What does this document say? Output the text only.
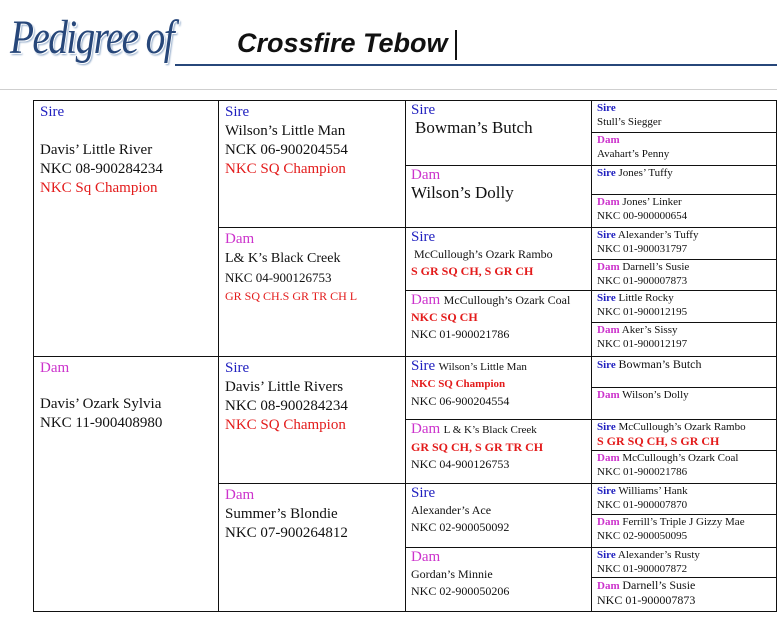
Pedigree of Crossfire Tebow
Sire
Davis’ Little River
NKC 08-900284234
NKC Sq Champion
Dam
Davis’ Ozark Sylvia
NKC 11-900408980
Sire
Wilson’s Little Man
NCK 06-900204554
NKC SQ Champion
Dam
L& K’s Black Creek
NKC 04-900126753
GR SQ CH.S GR TR CH L
Sire
Davis’ Little Rivers
NKC 08-900284234
NKC SQ Champion
Dam
Summer’s Blondie
NKC 07-900264812
Sire
Bowman’s Butch
Dam
Wilson’s Dolly
Sire
McCullough’s Ozark Rambo
S GR SQ CH, S GR CH
Dam McCullough’s Ozark Coal
NKC SQ CH
NKC 01-900021786
Sire Wilson’s Little Man
NKC SQ Champion
NKC 06-900204554
Dam L & K’s Black Creek
GR SQ CH, S GR TR CH
NKC 04-900126753
Sire
Alexander’s Ace
NKC 02-900050092
Dam
Gordan’s Minnie
NKC 02-900050206
Sire
Stull’s Siegger
Dam
Avahart’s Penny
Sire Jones’ Tuffy
Dam Jones’ Linker
NKC 00-900000654
Sire Alexander’s Tuffy
NKC 01-900031797
Dam Darnell’s Susie
NKC 01-900007873
Sire Little Rocky
NKC 01-900012195
Dam Aker’s Sissy
NKC 01-900012197
Sire Bowman’s Butch
Dam Wilson’s Dolly
Sire McCullough’s Ozark Rambo
S GR SQ CH, S GR CH
Dam McCullough’s Ozark Coal
NKC 01-900021786
Sire Williams’ Hank
NKC 01-900007870
Dam Ferrill’s Triple J Gizzy Mae
NKC 02-900050095
Sire Alexander’s Rusty
NKC 01-900007872
Dam Darnell’s Susie
NKC 01-900007873
